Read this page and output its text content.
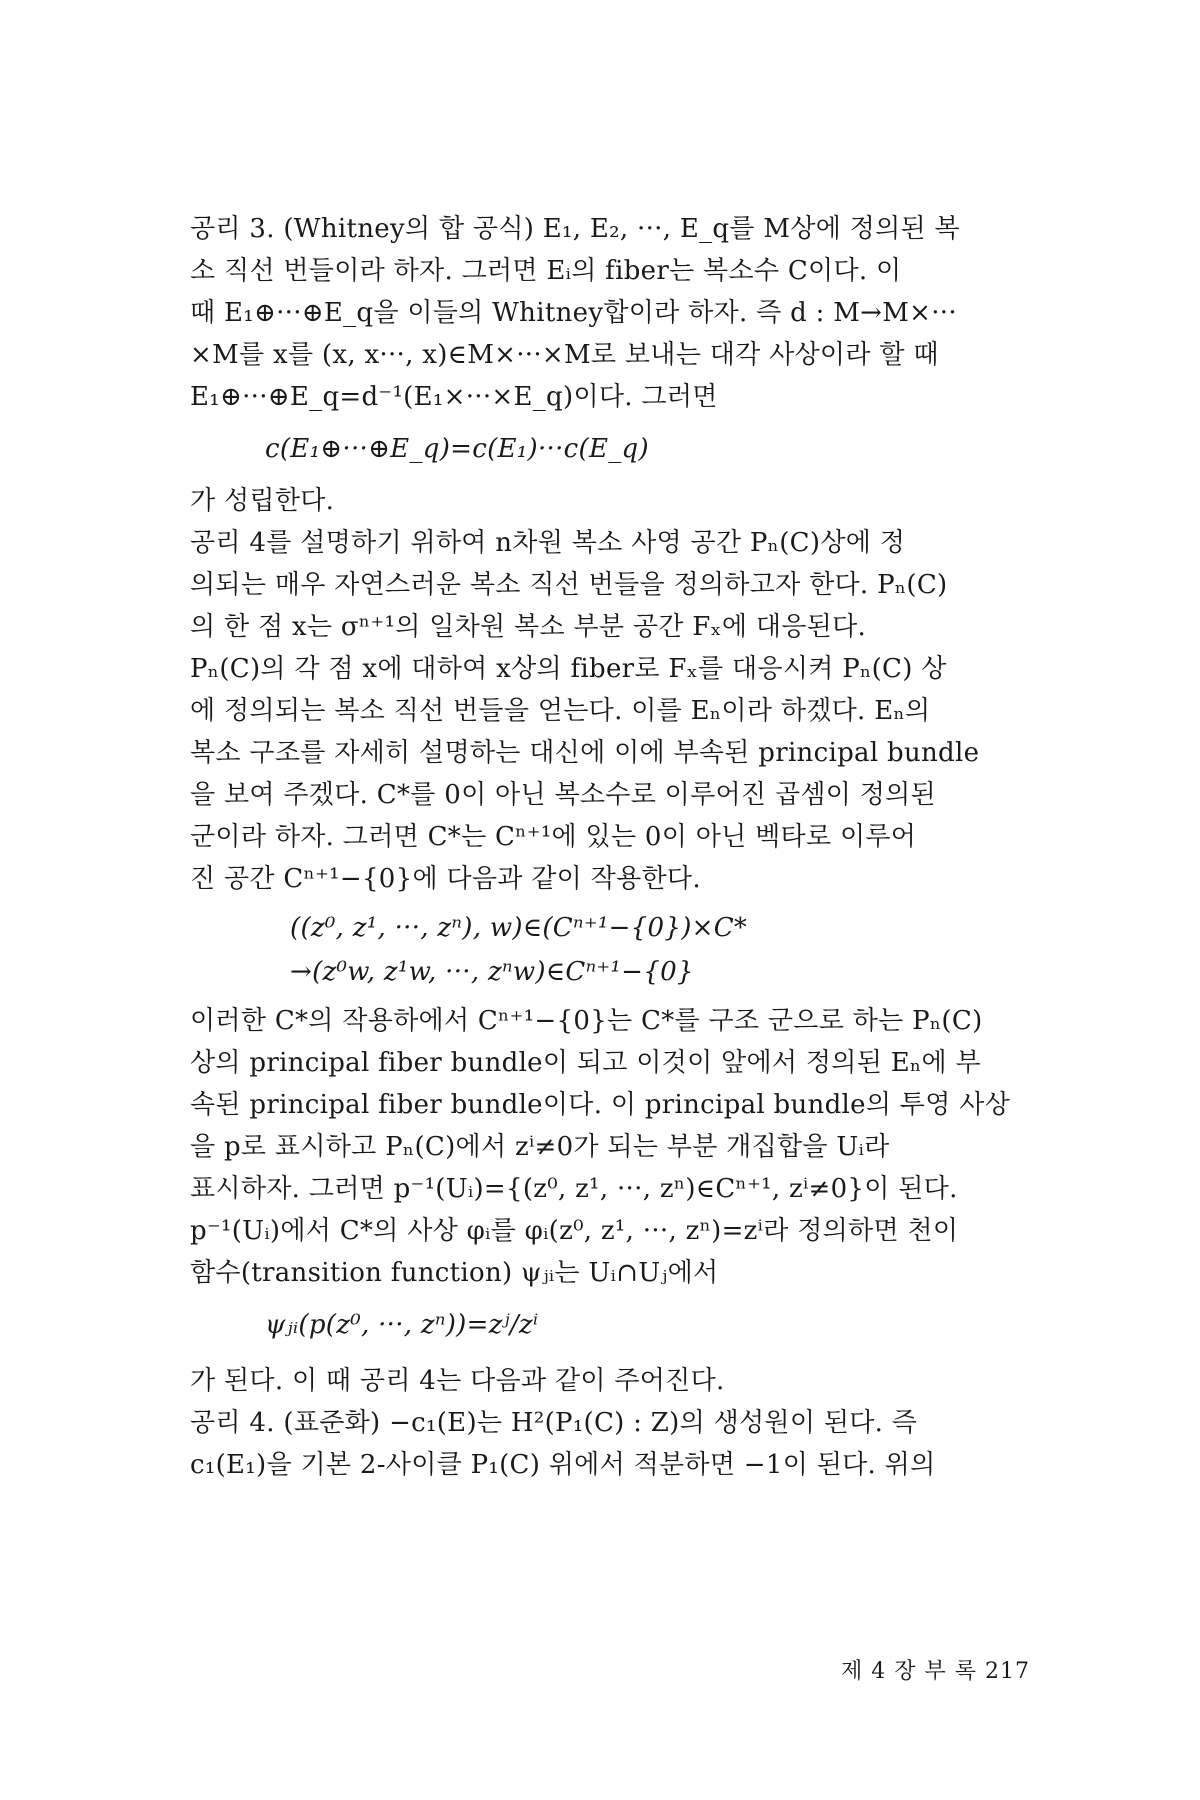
공리 3. (Whitney의 합 공식) E₁, E₂, ···, E_q를 M상에 정의된 복
소 직선 번들이라 하자. 그러면 Eᵢ의 fiber는 복소수 C이다. 이
때 E₁⊕···⊕E_q을 이들의 Whitney합이라 하자. 즉 d : M→M×···
×M를 x를 (x, x···, x)∈M×···×M로 보내는 대각 사상이라 할 때
E₁⊕···⊕E_q=d⁻¹(E₁×···×E_q)이다. 그러면

c(E₁⊕···⊕E_q)=c(E₁)···c(E_q)

가 성립한다.

공리 4를 설명하기 위하여 n차원 복소 사영 공간 Pₙ(C)상에 정
의되는 매우 자연스러운 복소 직선 번들을 정의하고자 한다. Pₙ(C)
의 한 점 x는 σⁿ⁺¹의 일차원 복소 부분 공간 Fₓ에 대응된다.
Pₙ(C)의 각 점 x에 대하여 x상의 fiber로 Fₓ를 대응시켜 Pₙ(C) 상
에 정의되는 복소 직선 번들을 얻는다. 이를 Eₙ이라 하겠다. Eₙ의
복소 구조를 자세히 설명하는 대신에 이에 부속된 principal bundle
을 보여 주겠다. C*를 0이 아닌 복소수로 이루어진 곱셈이 정의된
군이라 하자. 그러면 C*는 Cⁿ⁺¹에 있는 0이 아닌 벡타로 이루어
진 공간 Cⁿ⁺¹−{0}에 다음과 같이 작용한다.

((z⁰, z¹, ···, zⁿ), w)∈(Cⁿ⁺¹−{0})×C*
→(z⁰w, z¹w, ···, zⁿw)∈Cⁿ⁺¹−{0}

이러한 C*의 작용하에서 Cⁿ⁺¹−{0}는 C*를 구조 군으로 하는 Pₙ(C)
상의 principal fiber bundle이 되고 이것이 앞에서 정의된 Eₙ에 부
속된 principal fiber bundle이다. 이 principal bundle의 투영 사상
을 p로 표시하고 Pₙ(C)에서 zⁱ≠0가 되는 부분 개집합을 Uᵢ라
표시하자. 그러면 p⁻¹(Uᵢ)={(z⁰, z¹, ···, zⁿ)∈Cⁿ⁺¹, zⁱ≠0}이 된다.
p⁻¹(Uᵢ)에서 C*의 사상 φᵢ를 φᵢ(z⁰, z¹, ···, zⁿ)=zⁱ라 정의하면 천이
함수(transition function) ψⱼᵢ는 Uᵢ∩Uⱼ에서

ψⱼᵢ(p(z⁰, ···, zⁿ))=zʲ/zⁱ

가 된다. 이 때 공리 4는 다음과 같이 주어진다.

공리 4. (표준화) −c₁(E)는 H²(P₁(C) : Z)의 생성원이 된다. 즉
c₁(E₁)을 기본 2-사이클 P₁(C) 위에서 적분하면 −1이 된다. 위의

제 4 장 부 록 217
